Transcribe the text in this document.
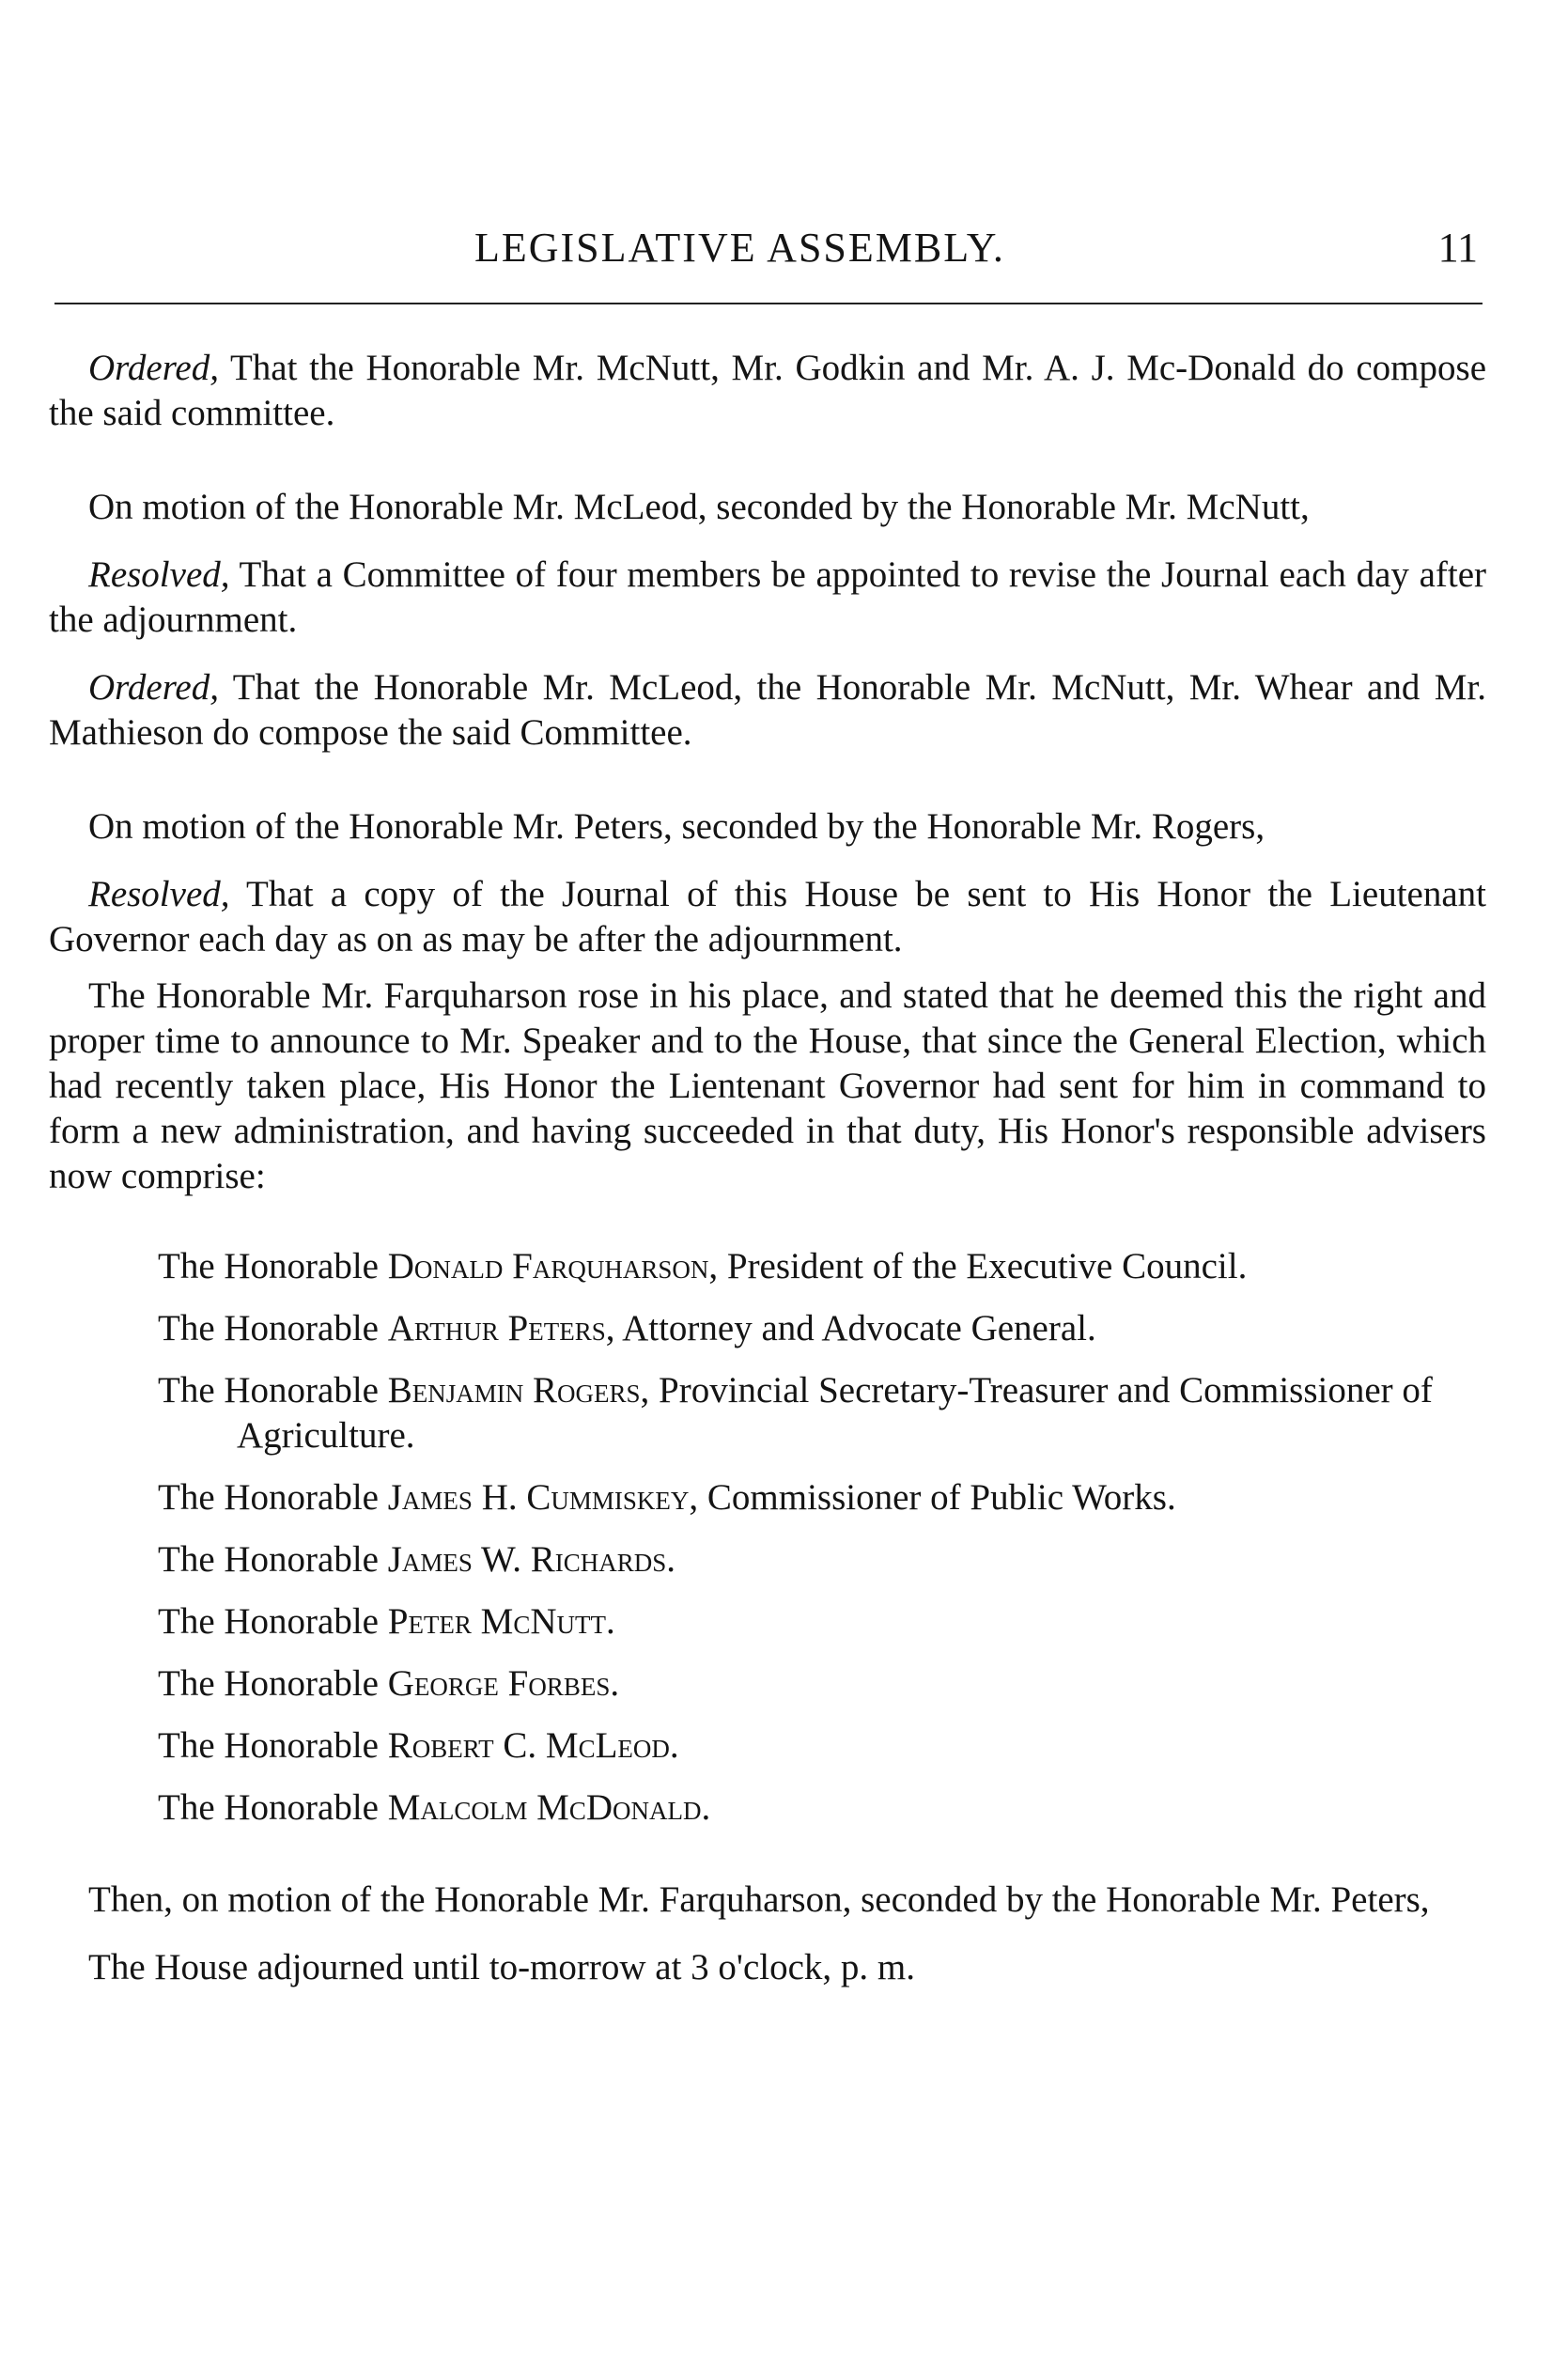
LEGISLATIVE ASSEMBLY.	11

Ordered, That the Honorable Mr. McNutt, Mr. Godkin and Mr. A. J. Mc-Donald do compose the said committee.

On motion of the Honorable Mr. McLeod, seconded by the Honorable Mr. McNutt,

Resolved, That a Committee of four members be appointed to revise the Journal each day after the adjournment.

Ordered, That the Honorable Mr. McLeod, the Honorable Mr. McNutt, Mr. Whear and Mr. Mathieson do compose the said Committee.

On motion of the Honorable Mr. Peters, seconded by the Honorable Mr. Rogers,

Resolved, That a copy of the Journal of this House be sent to His Honor the Lieutenant Governor each day as on as may be after the adjournment.

The Honorable Mr. Farquharson rose in his place, and stated that he deemed this the right and proper time to announce to Mr. Speaker and to the House, that since the General Election, which had recently taken place, His Honor the Lientenant Governor had sent for him in command to form a new administration, and having succeeded in that duty, His Honor's responsible advisers now comprise:

The Honorable Donald Farquharson, President of the Executive Council.
The Honorable Arthur Peters, Attorney and Advocate General.
The Honorable Benjamin Rogers, Provincial Secretary-Treasurer and Commissioner of Agriculture.
The Honorable James H. Cummiskey, Commissioner of Public Works.
The Honorable James W. Richards.
The Honorable Peter McNutt.
The Honorable George Forbes.
The Honorable Robert C. McLeod.
The Honorable Malcolm McDonald.

Then, on motion of the Honorable Mr. Farquharson, seconded by the Honorable Mr. Peters,

The House adjourned until to-morrow at 3 o'clock, p. m.
